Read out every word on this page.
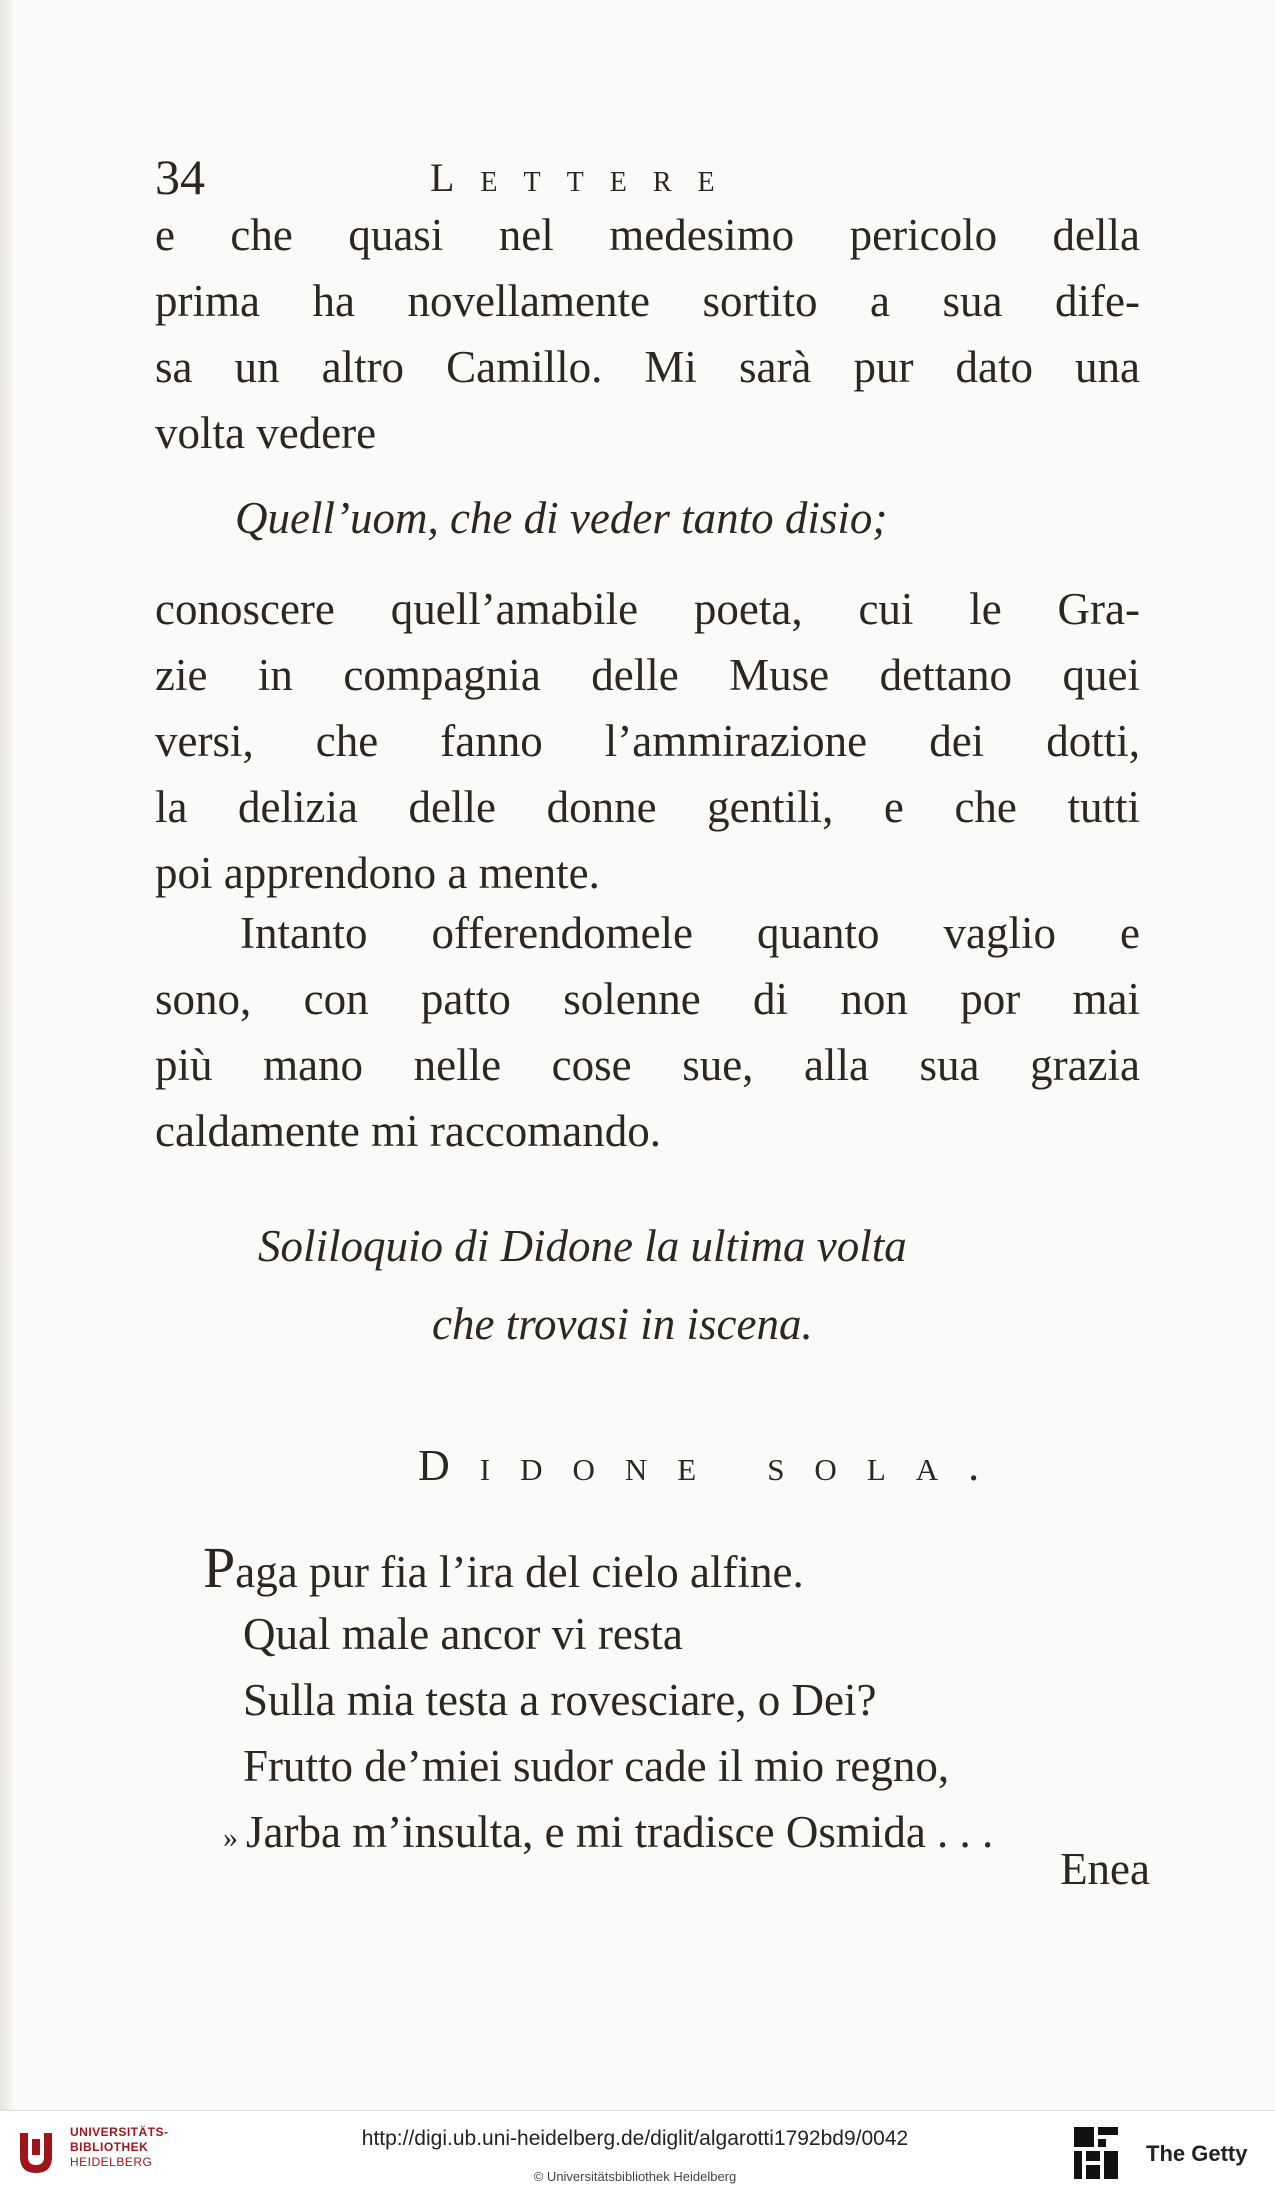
34	Lettere
e che quasi nel medesimo pericolo della
prima ha novellamente sortito a sua dife-
sa un altro Camillo. Mi sarà pur dato una
volta vedere
Quell’uom, che di veder tanto disio;
conoscere quell’amabile poeta, cui le Gra-
zie in compagnia delle Muse dettano quei
versi, che fanno l’ammirazione dei dotti,
la delizia delle donne gentili, e che tutti
poi apprendono a mente.
Intanto offerendomele quanto vaglio e
sono, con patto solenne di non por mai
più mano nelle cose sue, alla sua grazia
caldamente mi raccomando.
Soliloquio di Didone la ultima volta
che trovasi in iscena.
Didone sola.
Paga pur fia l’ira del cielo alfine.
Qual male ancor vi resta
Sulla mia testa a rovesciare, o Dei?
Frutto de’miei sudor cade il mio regno,
» Jarba m’insulta, e mi tradisce Osmida . . .
Enea
UNIVERSITÄTS-
BIBLIOTHEK
HEIDELBERG
http://digi.ub.uni-heidelberg.de/diglit/algarotti1792bd9/0042
© Universitätsbibliothek Heidelberg
The Getty
